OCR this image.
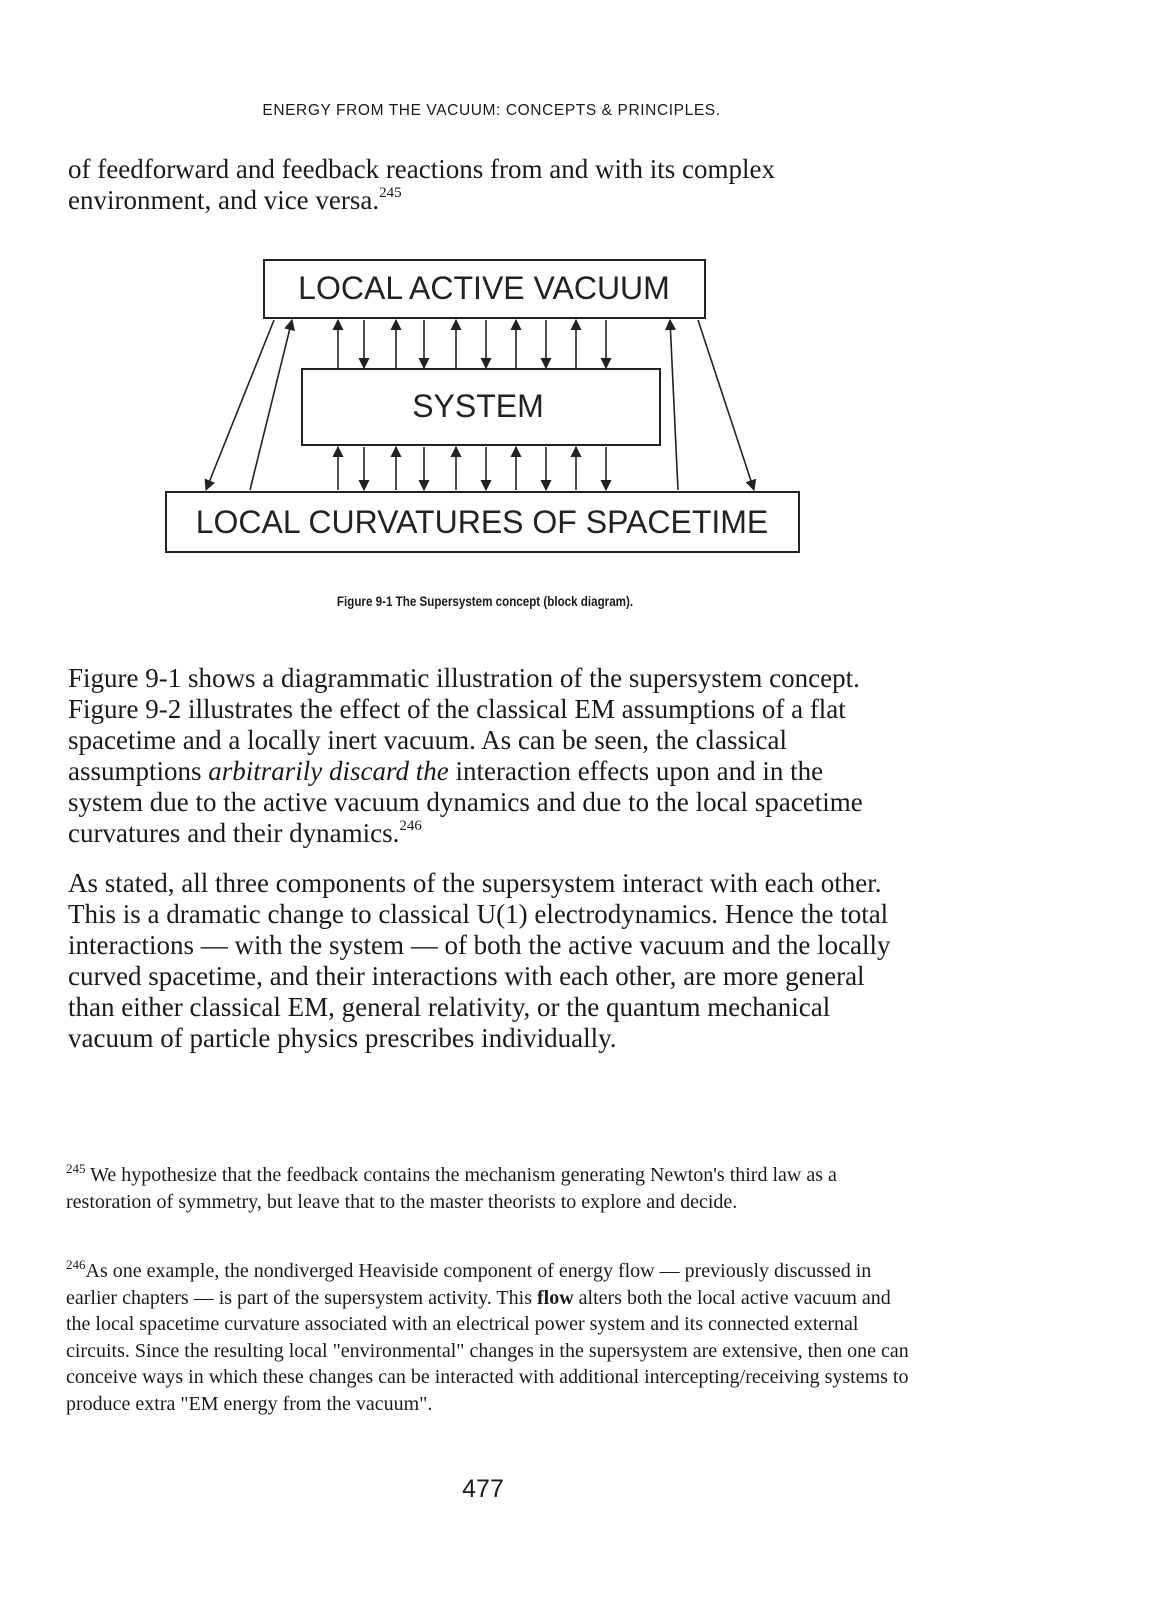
ENERGY FROM THE VACUUM: CONCEPTS & PRINCIPLES.

of feedforward and feedback reactions from and with its complex environment, and vice versa.$^{245}$

LOCAL ACTIVE VACUUM
SYSTEM
LOCAL CURVATURES OF SPACETIME
Figure 9-1 The Supersystem concept (block diagram).

Figure 9-1 shows a diagrammatic illustration of the supersystem concept. Figure 9-2 illustrates the effect of the classical EM assumptions of a flat spacetime and a locally inert vacuum. As can be seen, the classical assumptions arbitrarily discard the interaction effects upon and in the system due to the active vacuum dynamics and due to the local spacetime curvatures and their dynamics.$^{246}$

As stated, all three components of the supersystem interact with each other. This is a dramatic change to classical U(1) electrodynamics. Hence the total interactions — with the system — of both the active vacuum and the locally curved spacetime, and their interactions with each other, are more general than either classical EM, general relativity, or the quantum mechanical vacuum of particle physics prescribes individually.

$^{245}$ We hypothesize that the feedback contains the mechanism generating Newton's third law as a restoration of symmetry, but leave that to the master theorists to explore and decide.

$^{246}$As one example, the nondiverged Heaviside component of energy flow — previously discussed in earlier chapters — is part of the supersystem activity. This flow alters both the local active vacuum and the local spacetime curvature associated with an electrical power system and its connected external circuits. Since the resulting local "environmental" changes in the supersystem are extensive, then one can conceive ways in which these changes can be interacted with additional intercepting/receiving systems to produce extra "EM energy from the vacuum".

477
